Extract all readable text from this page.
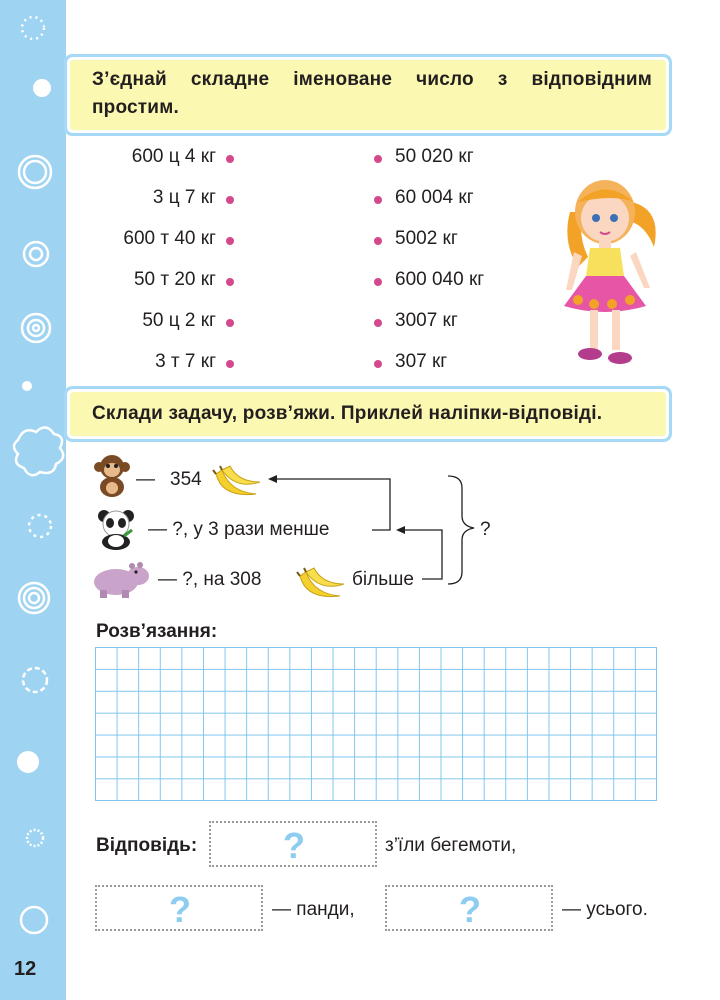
12
З’єднай складне іменоване число з відповідним
простим.
600 ц 4 кг
3 ц 7 кг
600 т 40 кг
50 т 20 кг
50 ц 2 кг
3 т 7 кг
50 020 кг
60 004 кг
5002 кг
600 040 кг
3007 кг
307 кг
Склади задачу, розв’яжи. Приклей наліпки-відповіді.
— 354
— ?, у 3 рази менше
— ?, на 308	більше
?
Розв’язання:
Відповідь: ?	з’їли бегемоти,
?	— панди,	?	— усього.
